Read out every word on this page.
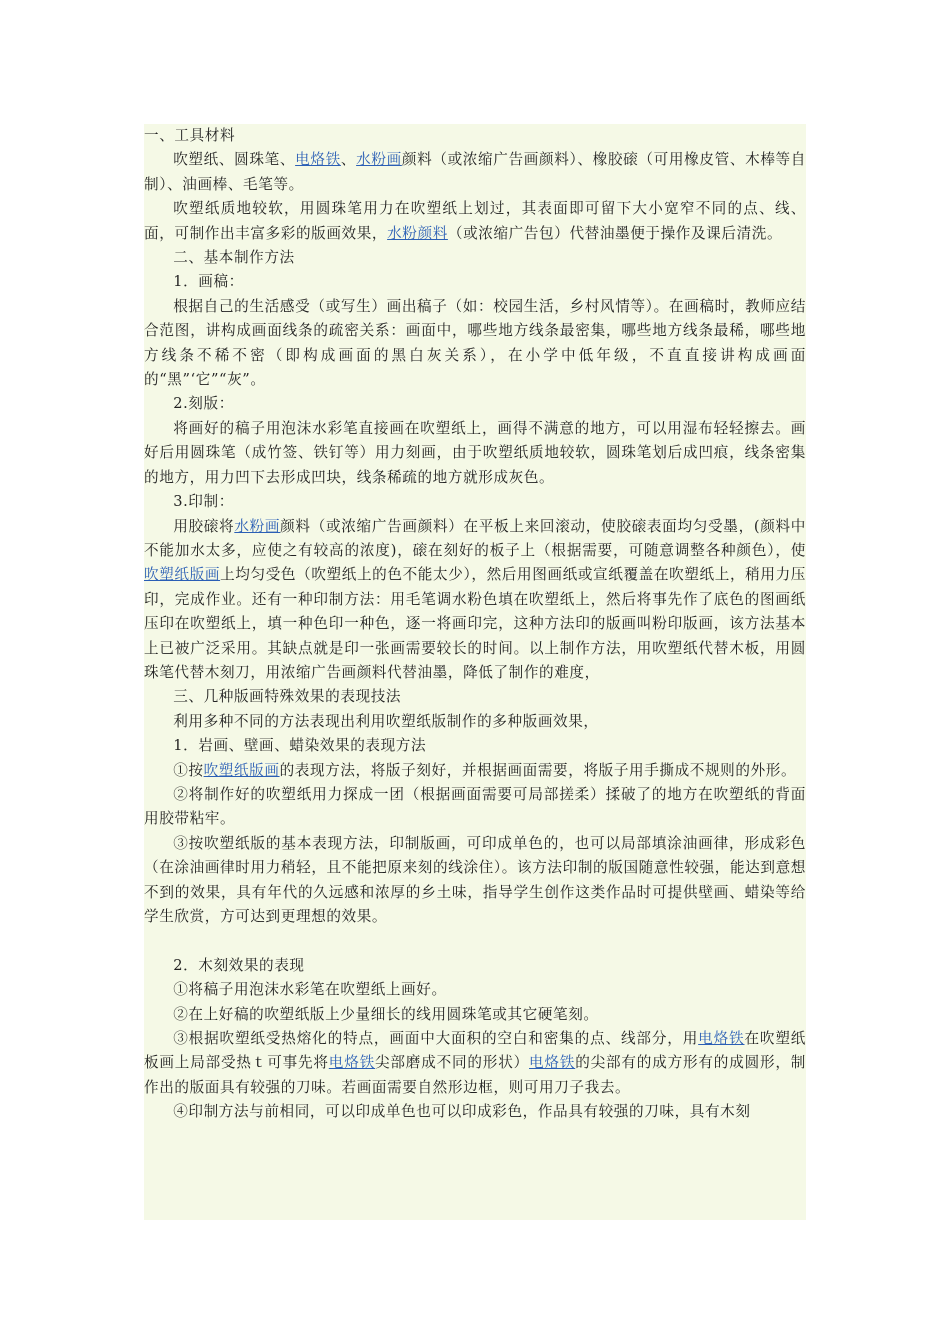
一、工具材料

吹塑纸、圆珠笔、电烙铁、水粉画颜料（或浓缩广告画颜料）、橡胶磙（可用橡皮管、木棒等自制）、油画棒、毛笔等。

吹塑纸质地较软，用圆珠笔用力在吹塑纸上划过，其表面即可留下大小宽窄不同的点、线、面，可制作出丰富多彩的版画效果，水粉颜料（或浓缩广告包）代替油墨便于操作及课后清洗。

二、基本制作方法

1．画稿：

根据自己的生活感受（或写生）画出稿子（如：校园生活，乡村风情等）。在画稿时，教师应结合范图，讲构成画面线条的疏密关系：画面中，哪些地方线条最密集，哪些地方线条最稀，哪些地方线条不稀不密（即构成画面的黑白灰关系），在小学中低年级，不直直接讲构成画面的“黑”‘它”“灰”。

2.刻版：

将画好的稿子用泡沫水彩笔直接画在吹塑纸上，画得不满意的地方，可以用湿布轻轻擦去。画好后用圆珠笔（成竹签、铁钉等）用力刻画，由于吹塑纸质地较软，圆珠笔划后成凹痕，线条密集的地方，用力凹下去形成凹块，线条稀疏的地方就形成灰色。

3.印制：

用胶磙将水粉画颜料（或浓缩广告画颜料）在平板上来回滚动，使胶磙表面均匀受墨，(颜料中不能加水太多，应使之有较高的浓度)，磙在刻好的板子上（根据需要，可随意调整各种颜色），使吹塑纸版画上均匀受色（吹塑纸上的色不能太少），然后用图画纸或宣纸覆盖在吹塑纸上，稍用力压印，完成作业。还有一种印制方法：用毛笔调水粉色填在吹塑纸上，然后将事先作了底色的图画纸压印在吹塑纸上，填一种色印一种色，逐一将画印完，这种方法印的版画叫粉印版画，该方法基本上已被广泛采用。其缺点就是印一张画需要较长的时间。以上制作方法，用吹塑纸代替木板，用圆珠笔代替木刻刀，用浓缩广告画颜料代替油墨，降低了制作的难度，

三、几种版画特殊效果的表现技法

利用多种不同的方法表现出利用吹塑纸版制作的多种版画效果，

1．岩画、壁画、蜡染效果的表现方法

①按吹塑纸版画的表现方法，将版子刻好，并根据画面需要，将版子用手撕成不规则的外形。

②将制作好的吹塑纸用力探成一团（根据画面需要可局部搓柔）揉破了的地方在吹塑纸的背面用胶带粘牢。

③按吹塑纸版的基本表现方法，印制版画，可印成单色的，也可以局部填涂油画律，形成彩色（在涂油画律时用力稍轻，且不能把原来刻的线涂住）。该方法印制的版国随意性较强，能达到意想不到的效果，具有年代的久远感和浓厚的乡土味，指导学生创作这类作品时可提供壁画、蜡染等给学生欣赏，方可达到更理想的效果。

2．木刻效果的表现

①将稿子用泡沫水彩笔在吹塑纸上画好。

②在上好稿的吹塑纸版上少量细长的线用圆珠笔或其它硬笔刻。

③根据吹塑纸受热熔化的特点，画面中大面积的空白和密集的点、线部分，用电烙铁在吹塑纸板画上局部受热ｔ可事先将电烙铁尖部磨成不同的形状）电烙铁的尖部有的成方形有的成圆形，制作出的版面具有较强的刀味。若画面需要自然形边框，则可用刀子我去。

④印制方法与前相同，可以印成单色也可以印成彩色，作品具有较强的刀味，具有木刻
